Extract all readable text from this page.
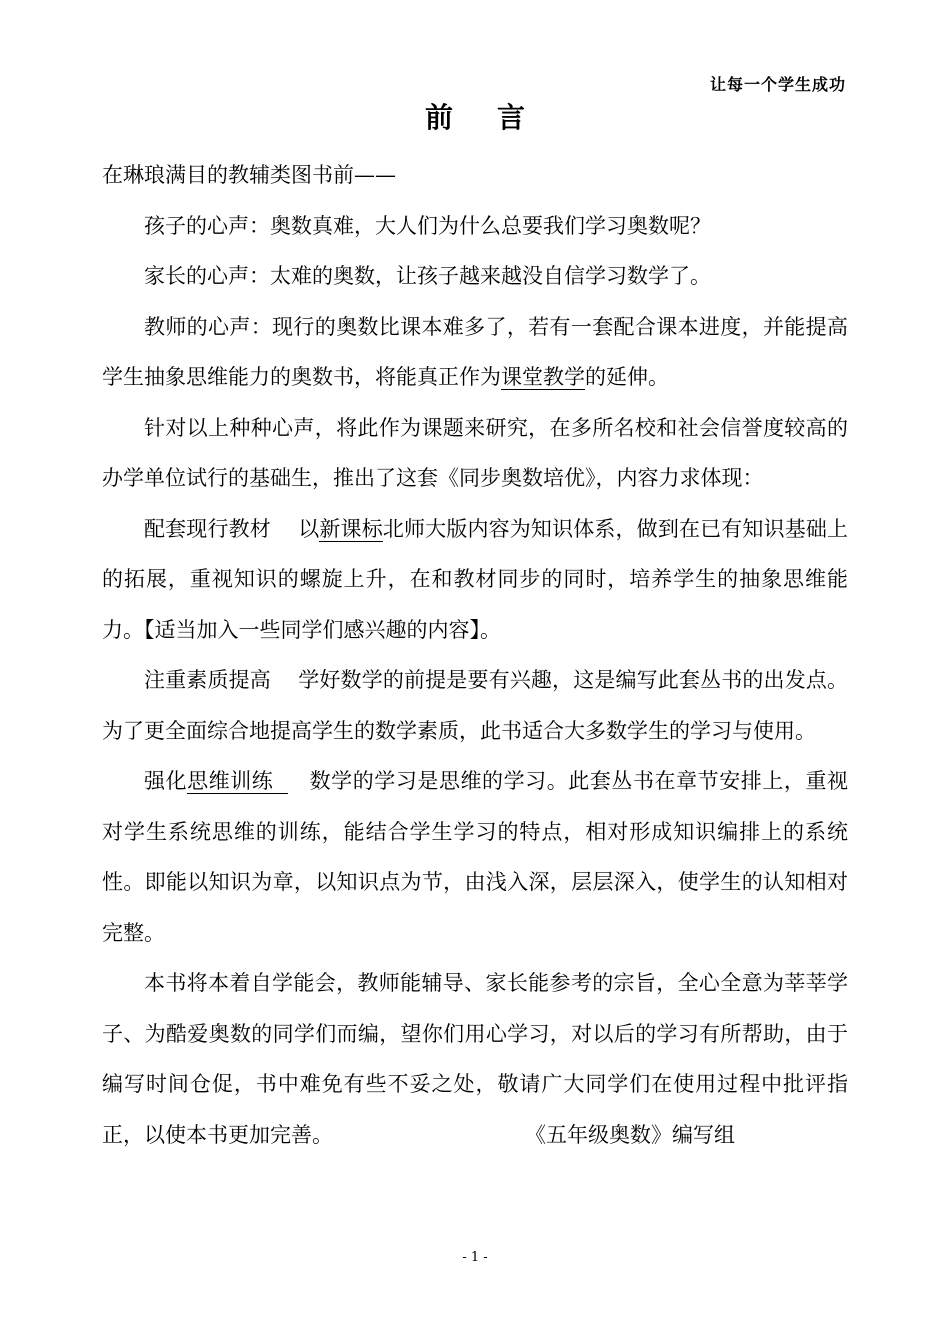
让每一个学生成功
前言

在琳琅满目的教辅类图书前——

孩子的心声：奥数真难，大人们为什么总要我们学习奥数呢？

家长的心声：太难的奥数，让孩子越来越没自信学习数学了。

教师的心声：现行的奥数比课本难多了，若有一套配合课本进度，并能提高学生抽象思维能力的奥数书，将能真正作为课堂教学的延伸。

针对以上种种心声，将此作为课题来研究，在多所名校和社会信誉度较高的办学单位试行的基础生，推出了这套《同步奥数培优》，内容力求体现：

配套现行教材 以新课标北师大版内容为知识体系，做到在已有知识基础上的拓展，重视知识的螺旋上升，在和教材同步的同时，培养学生的抽象思维能力。【适当加入一些同学们感兴趣的内容】。

注重素质提高 学好数学的前提是要有兴趣，这是编写此套丛书的出发点。为了更全面综合地提高学生的数学素质，此书适合大多数学生的学习与使用。

强化思维训练 数学的学习是思维的学习。此套丛书在章节安排上，重视对学生系统思维的训练，能结合学生学习的特点，相对形成知识编排上的系统性。即能以知识为章，以知识点为节，由浅入深，层层深入，使学生的认知相对完整。

本书将本着自学能会，教师能辅导、家长能参考的宗旨，全心全意为莘莘学子、为酷爱奥数的同学们而编，望你们用心学习，对以后的学习有所帮助，由于编写时间仓促，书中难免有些不妥之处，敬请广大同学们在使用过程中批评指正，以使本书更加完善。	《五年级奥数》编写组

- 1 -
